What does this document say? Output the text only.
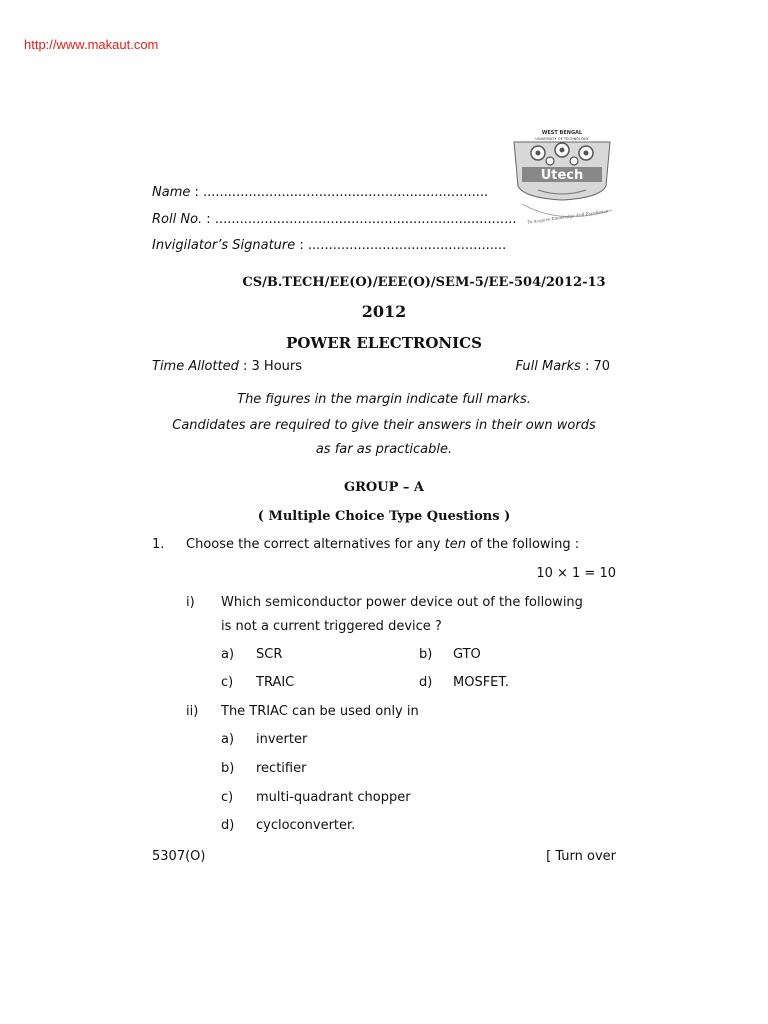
http://www.makaut.com
WEST BENGAL
UNIVERSITY OF TECHNOLOGY
Utech
To Acquire Knowledge And Excellence
Name : .....................................................................
Roll No. : .........................................................................
Invigilator’s Signature : ................................................
CS/B.TECH/EE(O)/EEE(O)/SEM-5/EE-504/2012-13
2012
POWER ELECTRONICS
Time Allotted : 3 Hours	Full Marks : 70
The figures in the margin indicate full marks.
Candidates are required to give their answers in their own words
as far as practicable.
GROUP – A
( Multiple Choice Type Questions )
1. Choose the correct alternatives for any ten of the following :
10 × 1 = 10
i) Which semiconductor power device out of the following
is not a current triggered device ?
a) SCR	b) GTO
c) TRAIC	d) MOSFET.
ii) The TRIAC can be used only in
a) inverter
b) rectifier
c) multi-quadrant chopper
d) cycloconverter.
5307(O)	[ Turn over
